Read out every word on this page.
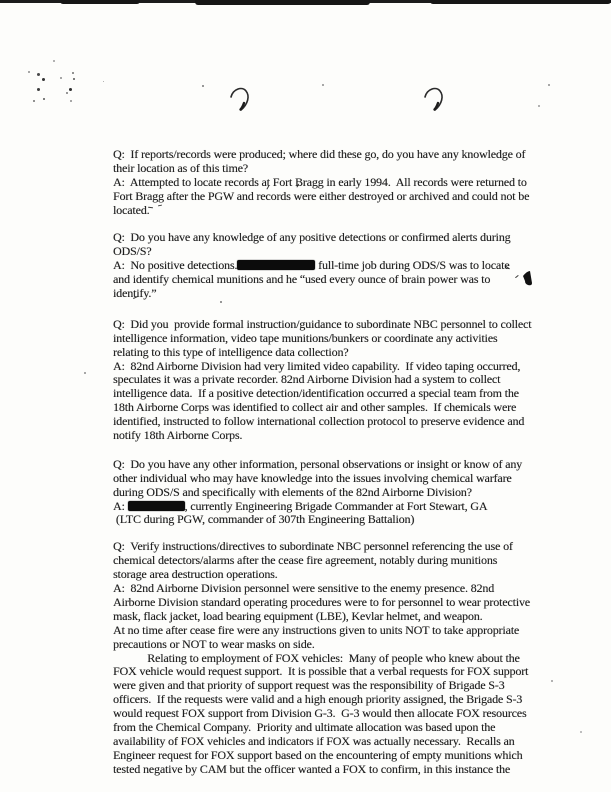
Q:  If reports/records were produced; where did these go, do you have any knowledge of
their location as of this time?
A:  Attempted to locate records at Fort Bragg in early 1994.  All records were returned to
Fort Bragg after the PGW and records were either destroyed or archived and could not be
located.
Q:  Do you have any knowledge of any positive detections or confirmed alerts during
ODS/S?
A:  No positive detections.	full-time job during ODS/S was to locate
and identify chemical munitions and he “used every ounce of brain power was to
identify.”
Q:  Did you  provide formal instruction/guidance to subordinate NBC personnel to collect
intelligence information, video tape munitions/bunkers or coordinate any activities
relating to this type of intelligence data collection?
A:  82nd Airborne Division had very limited video capability.  If video taping occurred,
speculates it was a private recorder. 82nd Airborne Division had a system to collect
intelligence data.  If a positive detection/identification occurred a special team from the
18th Airborne Corps was identified to collect air and other samples.  If chemicals were
identified, instructed to follow international collection protocol to preserve evidence and
notify 18th Airborne Corps.
Q:  Do you have any other information, personal observations or insight or know of any
other individual who may have knowledge into the issues involving chemical warfare
during ODS/S and specifically with elements of the 82nd Airborne Division?
A:	, currently Engineering Brigade Commander at Fort Stewart, GA
(LTC during PGW, commander of 307th Engineering Battalion)
Q:  Verify instructions/directives to subordinate NBC personnel referencing the use of
chemical detectors/alarms after the cease fire agreement, notably during munitions
storage area destruction operations.
A:  82nd Airborne Division personnel were sensitive to the enemy presence. 82nd
Airborne Division standard operating procedures were to for personnel to wear protective
mask, flack jacket, load bearing equipment (LBE), Kevlar helmet, and weapon.
At no time after cease fire were any instructions given to units NOT to take appropriate
precautions or NOT to wear masks on side.
Relating to employment of FOX vehicles:  Many of people who knew about the
FOX vehicle would request support.  It is possible that a verbal requests for FOX support
were given and that priority of support request was the responsibility of Brigade S-3
officers.  If the requests were valid and a high enough priority assigned, the Brigade S-3
would request FOX support from Division G-3.  G-3 would then allocate FOX resources
from the Chemical Company.  Priority and ultimate allocation was based upon the
availability of FOX vehicles and indicators if FOX was actually necessary.  Recalls an
Engineer request for FOX support based on the encountering of empty munitions which
tested negative by CAM but the officer wanted a FOX to confirm, in this instance the
